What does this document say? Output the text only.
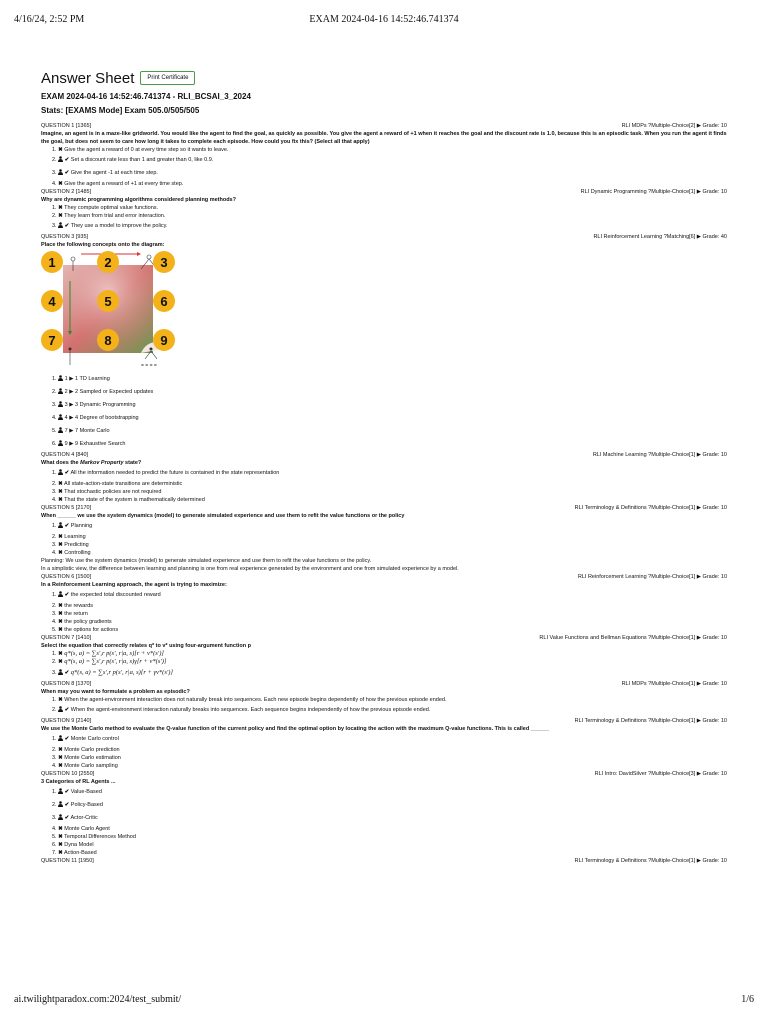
4/16/24, 2:52 PM	EXAM 2024-04-16 14:52:46.741374
Answer Sheet	Print Certificate
EXAM 2024-04-16 14:52:46.741374 - RLI_BCSAI_3_2024
Stats: [EXAMS Mode] Exam 505.0/505/505
QUESTION 1 [1365]	RLI MDPs ?Multiple-Choice[2] ▶ Grade: 10
Imagine, an agent is in a maze-like gridworld. You would like the agent to find the goal, as quickly as possible. You give the agent a reward of +1 when it reaches the goal and the discount rate is 1.0, because this is an episodic task. When you run the agent it finds the goal, but does not seem to care how long it takes to complete each episode. How could you fix this? (Select all that apply)
1. ✖ Give the agent a reward of 0 at every time step so it wants to leave.
2.  ✔ Set a discount rate less than 1 and greater than 0, like 0.9.
3.  ✔ Give the agent -1 at each time step.
4. ✖ Give the agent a reward of +1 at every time step.
QUESTION 2 [1485]	RLI Dynamic Programming ?Multiple-Choice[1] ▶ Grade: 10
Why are dynamic programming algorithms considered planning methods?
1. ✖ They compute optimal value functions.
2. ✖ They learn from trial and error interaction.
3.  ✔ They use a model to improve the policy.
QUESTION 3 [935]	RLI Reinforcement Learning ?Matching[6] ▶ Grade: 40
Place the following concepts onto the diagram:
= = = =
1	2	3
4	5	6
7	8	9
1.  1 ▶ 1 TD Learning
2.  2 ▶ 2 Sampled or Expected updates
3.  3 ▶ 3 Dynamic Programming
4.  4 ▶ 4 Degree of bootstrapping
5.  7 ▶ 7 Monte Carlo
6.  9 ▶ 9 Exhaustive Search
QUESTION 4 [840]	RLI Machine Learning ?Multiple-Choice[1] ▶ Grade: 10
What does the Markov Property state?
1.  ✔ All the information needed to predict the future is contained in the state representation
2. ✖ All state-action-state transitions are deterministic
3. ✖ That stochastic policies are not required
4. ✖ That the state of the system is mathematically determined
QUESTION 5 [2170]	RLI Terminology & Definitions ?Multiple-Choice[1] ▶ Grade: 10
When ______ we use the system dynamics (model) to generate simulated experience and use them to refit the value functions or the policy
1.  ✔ Planning
2. ✖ Learning
3. ✖ Predicting
4. ✖ Controlling
Planning: We use the system dynamics (model) to generate simulated experience and use them to refit the value functions or the policy.
In a simplistic view, the difference between learning and planning is one from real experience generated by the environment and one from simulated experience by a model.
QUESTION 6 [1500]	RLI Reinforcement Learning ?Multiple-Choice[1] ▶ Grade: 10
In a Reinforcement Learning approach, the agent is trying to maximize:
1.  ✔ the expected total discounted reward
2. ✖ the rewards
3. ✖ the return
4. ✖ the policy gradients
5. ✖ the options for actions
QUESTION 7 [1410]	RLI Value Functions and Bellman Equations ?Multiple-Choice[1] ▶ Grade: 10
Select the equation that correctly relates q* to v* using four-argument function p
1. ✖ q*(s, a) = ∑s′,r p(s′, r|a, s)[r + v*(s′)]
2. ✖ q*(s, a) = ∑s′,r p(s′, r|a, s)γ[r + v*(s′)]
3.  ✔ q*(s, a) = ∑s′,r p(s′, r|a, s)[r + γv*(s′)]
QUESTION 8 [1370]	RLI MDPs ?Multiple-Choice[1] ▶ Grade: 10
When may you want to formulate a problem as episodic?
1. ✖ When the agent-environment interaction does not naturally break into sequences. Each new episode begins dependently of how the previous episode ended.
2.  ✔ When the agent-environment interaction naturally breaks into sequences. Each sequence begins independently of how the previous episode ended.
QUESTION 9 [2140]	RLI Terminology & Definitions ?Multiple-Choice[1] ▶ Grade: 10
We use the Monte Carlo method to evaluate the Q-value function of the current policy and find the optimal option by locating the action with the maximum Q-value functions. This is called ______
1.  ✔ Monte Carlo control
2. ✖ Monte Carlo prediction
3. ✖ Monte Carlo estimation
4. ✖ Monte Carlo sampling
QUESTION 10 [2550]	RLI Intro: DavidSilver ?Multiple-Choice[3] ▶ Grade: 10
3 Categories of RL Agents ...
1.  ✔ Value-Based
2.  ✔ Policy-Based
3.  ✔ Actor-Critic
4. ✖ Monte Carlo Agent
5. ✖ Temporal Differences Method
6. ✖ Dyna Model
7. ✖ Action-Based
QUESTION 11 [1950]	RLI Terminology & Definitions ?Multiple-Choice[1] ▶ Grade: 10
ai.twilightparadox.com:2024/test_submit/	1/6
